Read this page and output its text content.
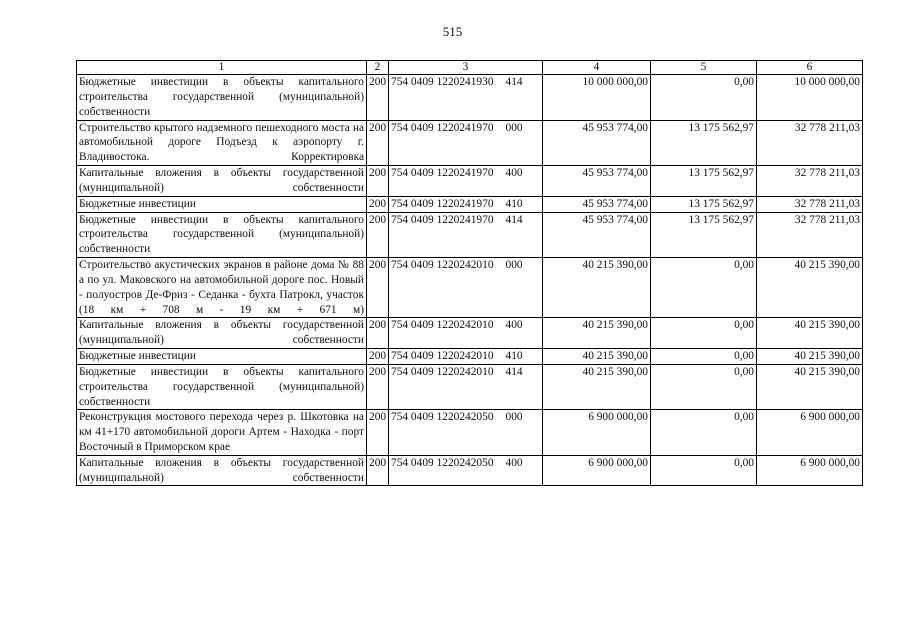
515
1	2	3	4	5	6
Бюджетные инвестиции в объекты капитального строительства государственной (муниципальной) собственности	200	754 0409 1220241930 414	10 000 000,00	0,00	10 000 000,00
Строительство крытого надземного пешеходного моста на автомобильной дороге Подъезд к аэропорту г. Владивостока. Корректировка	200	754 0409 1220241970 000	45 953 774,00	13 175 562,97	32 778 211,03
Капитальные вложения в объекты государственной (муниципальной) собственности	200	754 0409 1220241970 400	45 953 774,00	13 175 562,97	32 778 211,03
Бюджетные инвестиции	200	754 0409 1220241970 410	45 953 774,00	13 175 562,97	32 778 211,03
Бюджетные инвестиции в объекты капитального строительства государственной (муниципальной) собственности	200	754 0409 1220241970 414	45 953 774,00	13 175 562,97	32 778 211,03
Строительство акустических экранов в районе дома № 88 а по ул. Маковского на автомобильной дороге пос. Новый - полуостров Де-Фриз - Седанка - бухта Патрокл, участок (18 км + 708 м - 19 км + 671 м)	200	754 0409 1220242010 000	40 215 390,00	0,00	40 215 390,00
Капитальные вложения в объекты государственной (муниципальной) собственности	200	754 0409 1220242010 400	40 215 390,00	0,00	40 215 390,00
Бюджетные инвестиции	200	754 0409 1220242010 410	40 215 390,00	0,00	40 215 390,00
Бюджетные инвестиции в объекты капитального строительства государственной (муниципальной) собственности	200	754 0409 1220242010 414	40 215 390,00	0,00	40 215 390,00
Реконструкция мостового перехода через р. Шкотовка на км 41+170 автомобильной дороги Артем - Находка - порт Восточный в Приморском крае	200	754 0409 1220242050 000	6 900 000,00	0,00	6 900 000,00
Капитальные вложения в объекты государственной (муниципальной) собственности	200	754 0409 1220242050 400	6 900 000,00	0,00	6 900 000,00
